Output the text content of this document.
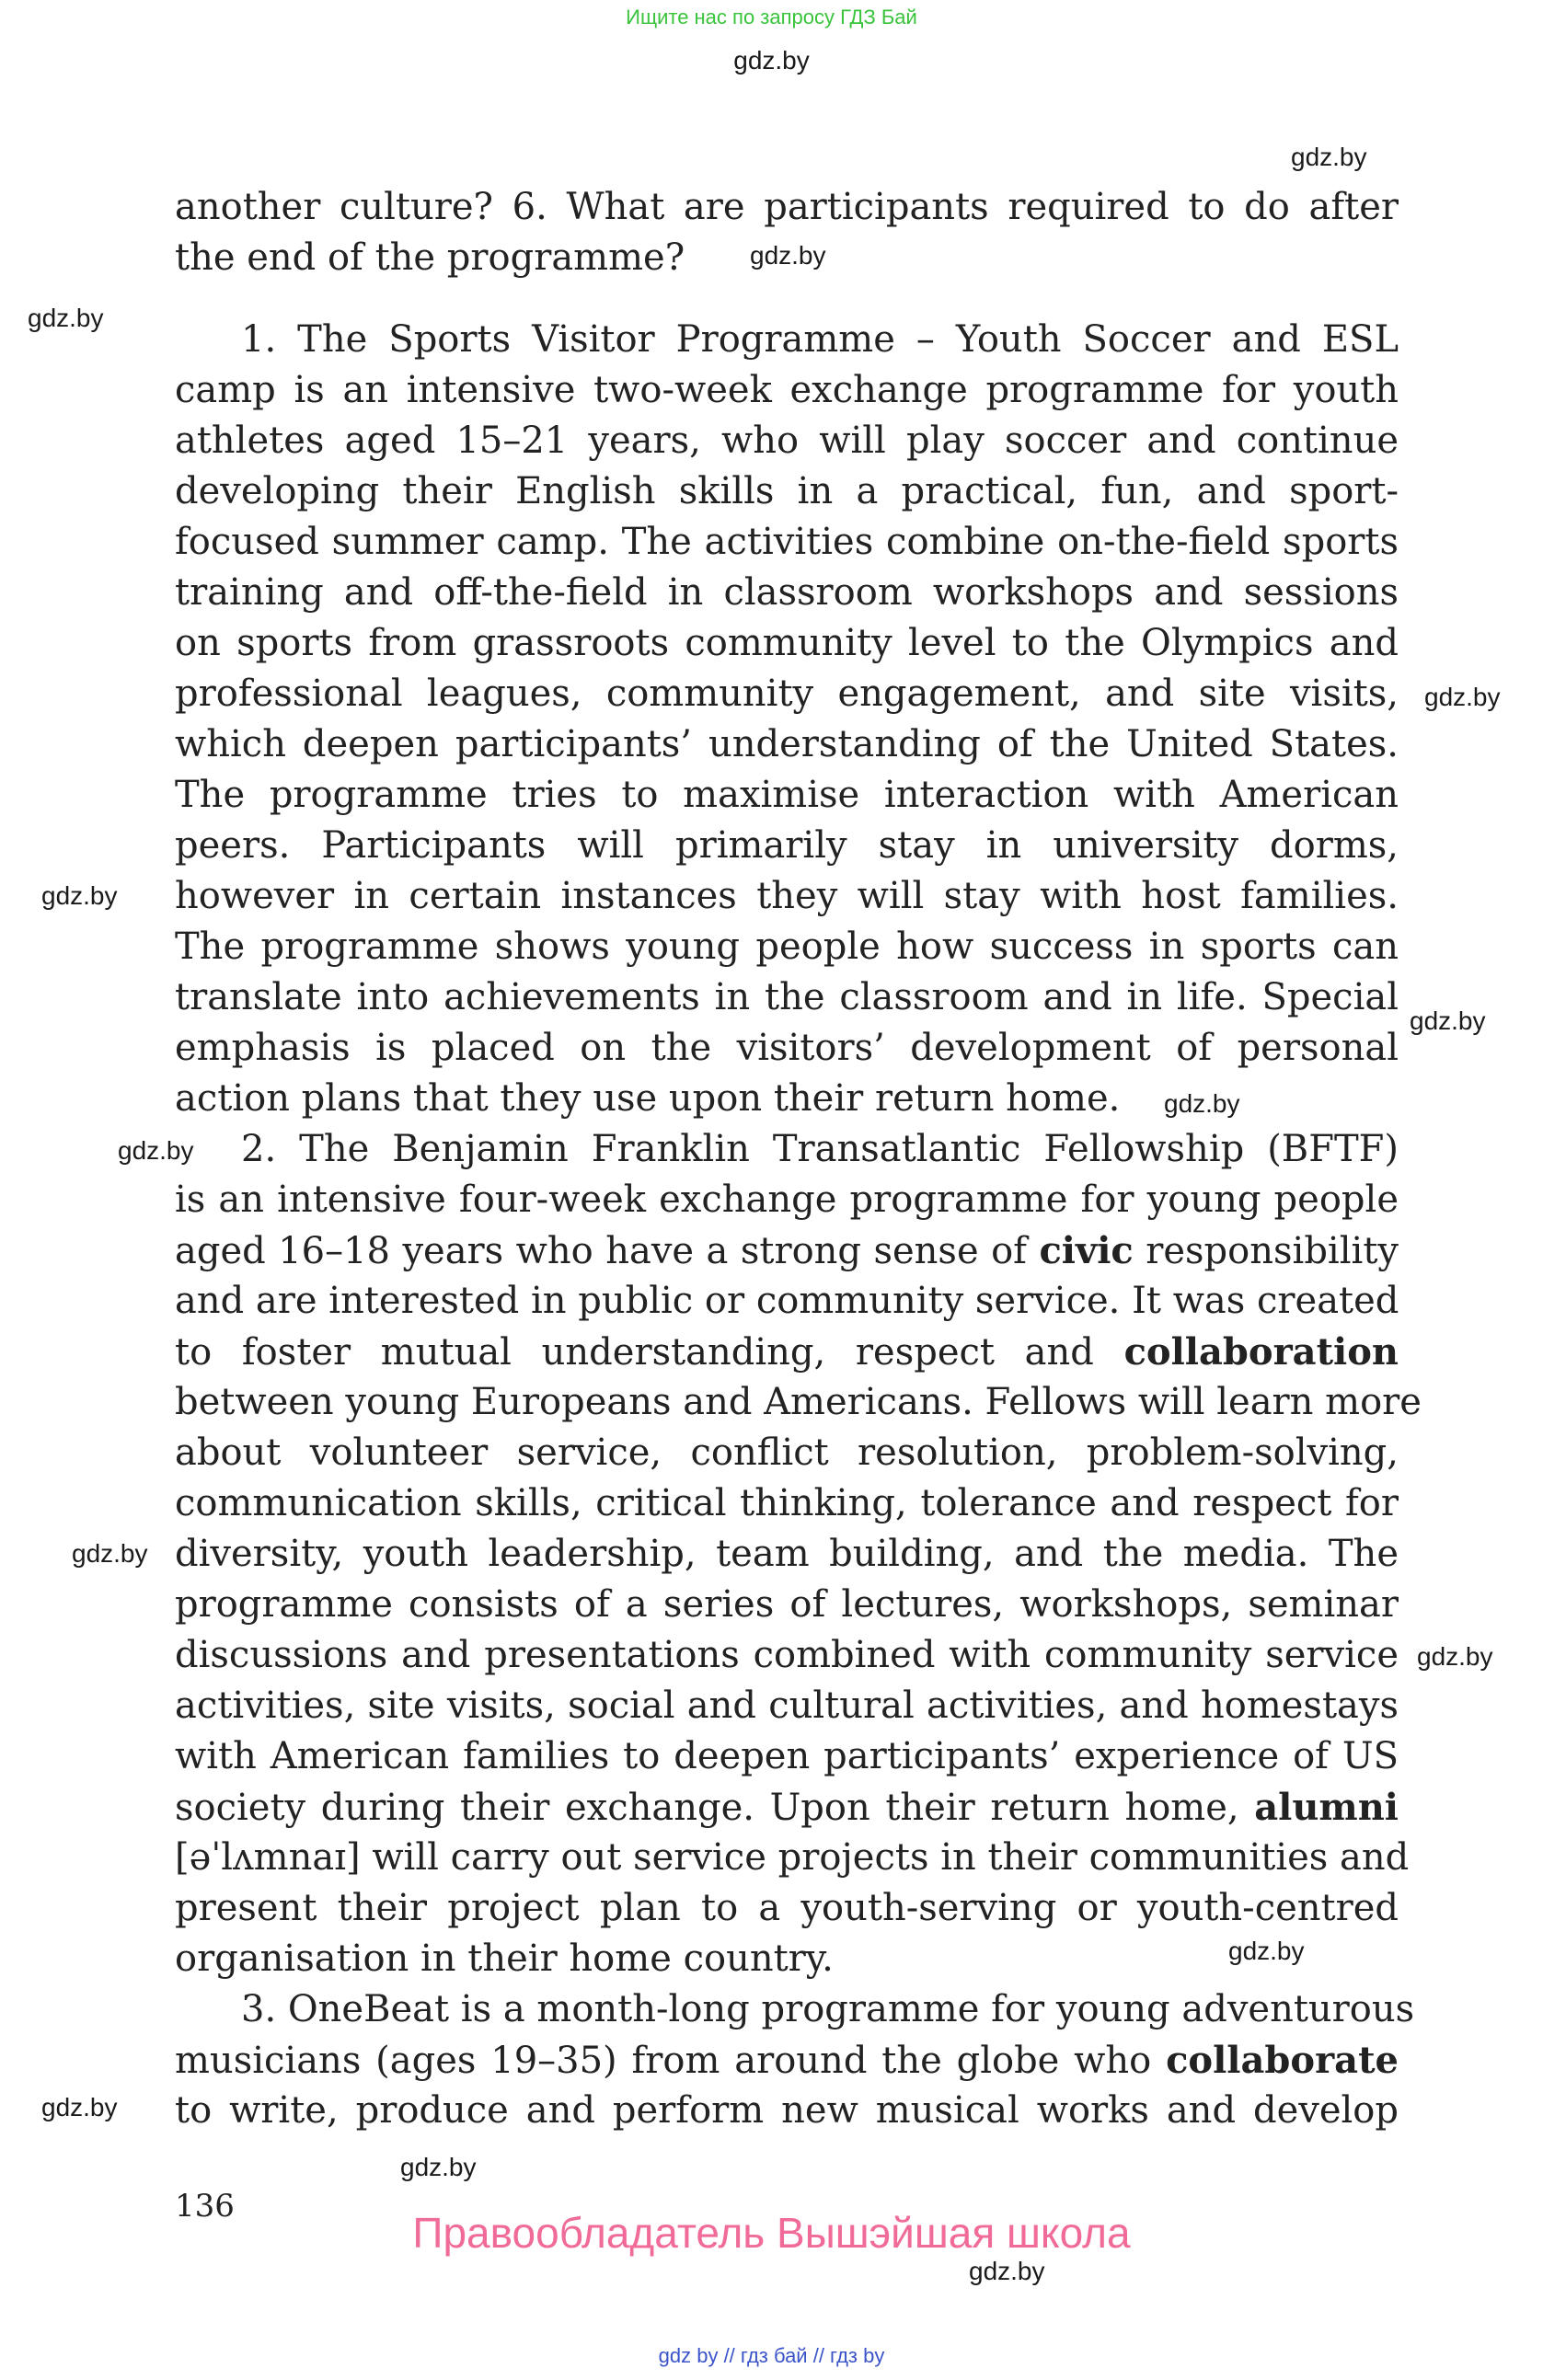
Ищите нас по запросу ГДЗ Бай
gdz.by
gdz.by
gdz.by
gdz.by
gdz.by
gdz.by
gdz.by
gdz.by
gdz.by
gdz.by
gdz.by
gdz.by
gdz.by
gdz.by
gdz.by
another culture? 6. What are participants required to do after
the end of the programme?
1. The Sports Visitor Programme – Youth Soccer and ESL
camp is an intensive two-week exchange programme for youth
athletes aged 15–21 years, who will play soccer and continue
developing their English skills in a practical, fun, and sport-
focused summer camp. The activities combine on-the-field sports
training and off-the-field in classroom workshops and sessions
on sports from grassroots community level to the Olympics and
professional leagues, community engagement, and site visits,
which deepen participants’ understanding of the United States.
The programme tries to maximise interaction with American
peers. Participants will primarily stay in university dorms,
however in certain instances they will stay with host families.
The programme shows young people how success in sports can
translate into achievements in the classroom and in life. Special
emphasis is placed on the visitors’ development of personal
action plans that they use upon their return home.
2. The Benjamin Franklin Transatlantic Fellowship (BFTF)
is an intensive four-week exchange programme for young people
aged 16–18 years who have a strong sense of civic responsibility
and are interested in public or community service. It was created
to foster mutual understanding, respect and collaboration
between young Europeans and Americans. Fellows will learn more
about volunteer service, conflict resolution, problem-solving,
communication skills, critical thinking, tolerance and respect for
diversity, youth leadership, team building, and the media. The
programme consists of a series of lectures, workshops, seminar
discussions and presentations combined with community service
activities, site visits, social and cultural activities, and homestays
with American families to deepen participants’ experience of US
society during their exchange. Upon their return home, alumni
[əˈlʌmnaɪ] will carry out service projects in their communities and
present their project plan to a youth-serving or youth-centred
organisation in their home country.
3. OneBeat is a month-long programme for young adventurous
musicians (ages 19–35) from around the globe who collaborate
to write, produce and perform new musical works and develop
136
Правообладатель Вышэйшая школа
gdz by // гдз бай // гдз by
